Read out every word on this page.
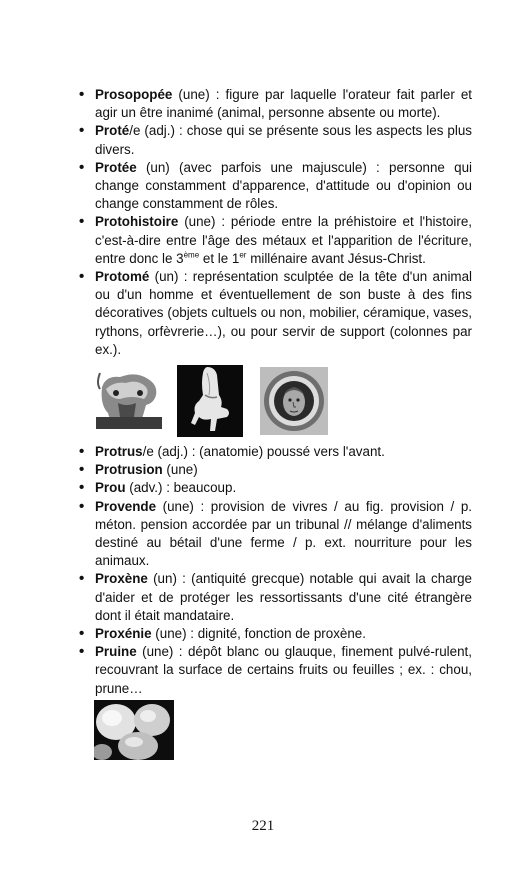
• Prosopopée (une) : figure par laquelle l'orateur fait parler et agir un être inanimé (animal, personne absente ou morte).
• Proté/e (adj.) : chose qui se présente sous les aspects les plus divers.
• Protée (un) (avec parfois une majuscule) : personne qui change constamment d'apparence, d'attitude ou d'opinion ou change constamment de rôles.
• Protohistoire (une) : période entre la préhistoire et l'histoire, c'est-à-dire entre l'âge des métaux et l'apparition de l'écriture, entre donc le 3ème et le 1er millénaire avant Jésus-Christ.
• Protomé (un) : représentation sculptée de la tête d'un animal ou d'un homme et éventuellement de son buste à des fins décoratives (objets cultuels ou non, mobilier, céramique, vases, rythons, orfèvrerie…), ou pour servir de support (colonnes par ex.).
• Protrus/e (adj.) : (anatomie) poussé vers l'avant.
• Protrusion (une)
• Prou (adv.) : beaucoup.
• Provende (une) : provision de vivres / au fig. provision / p. méton. pension accordée par un tribunal // mélange d'aliments destiné au bétail d'une ferme / p. ext. nourriture pour les animaux.
• Proxène (un) : (antiquité grecque) notable qui avait la charge d'aider et de protéger les ressortissants d'une cité étrangère dont il était mandataire.
• Proxénie (une) : dignité, fonction de proxène.
• Pruine (une) : dépôt blanc ou glauque, finement pulvé-rulent, recouvrant la surface de certains fruits ou feuilles ; ex. : chou, prune…
221
